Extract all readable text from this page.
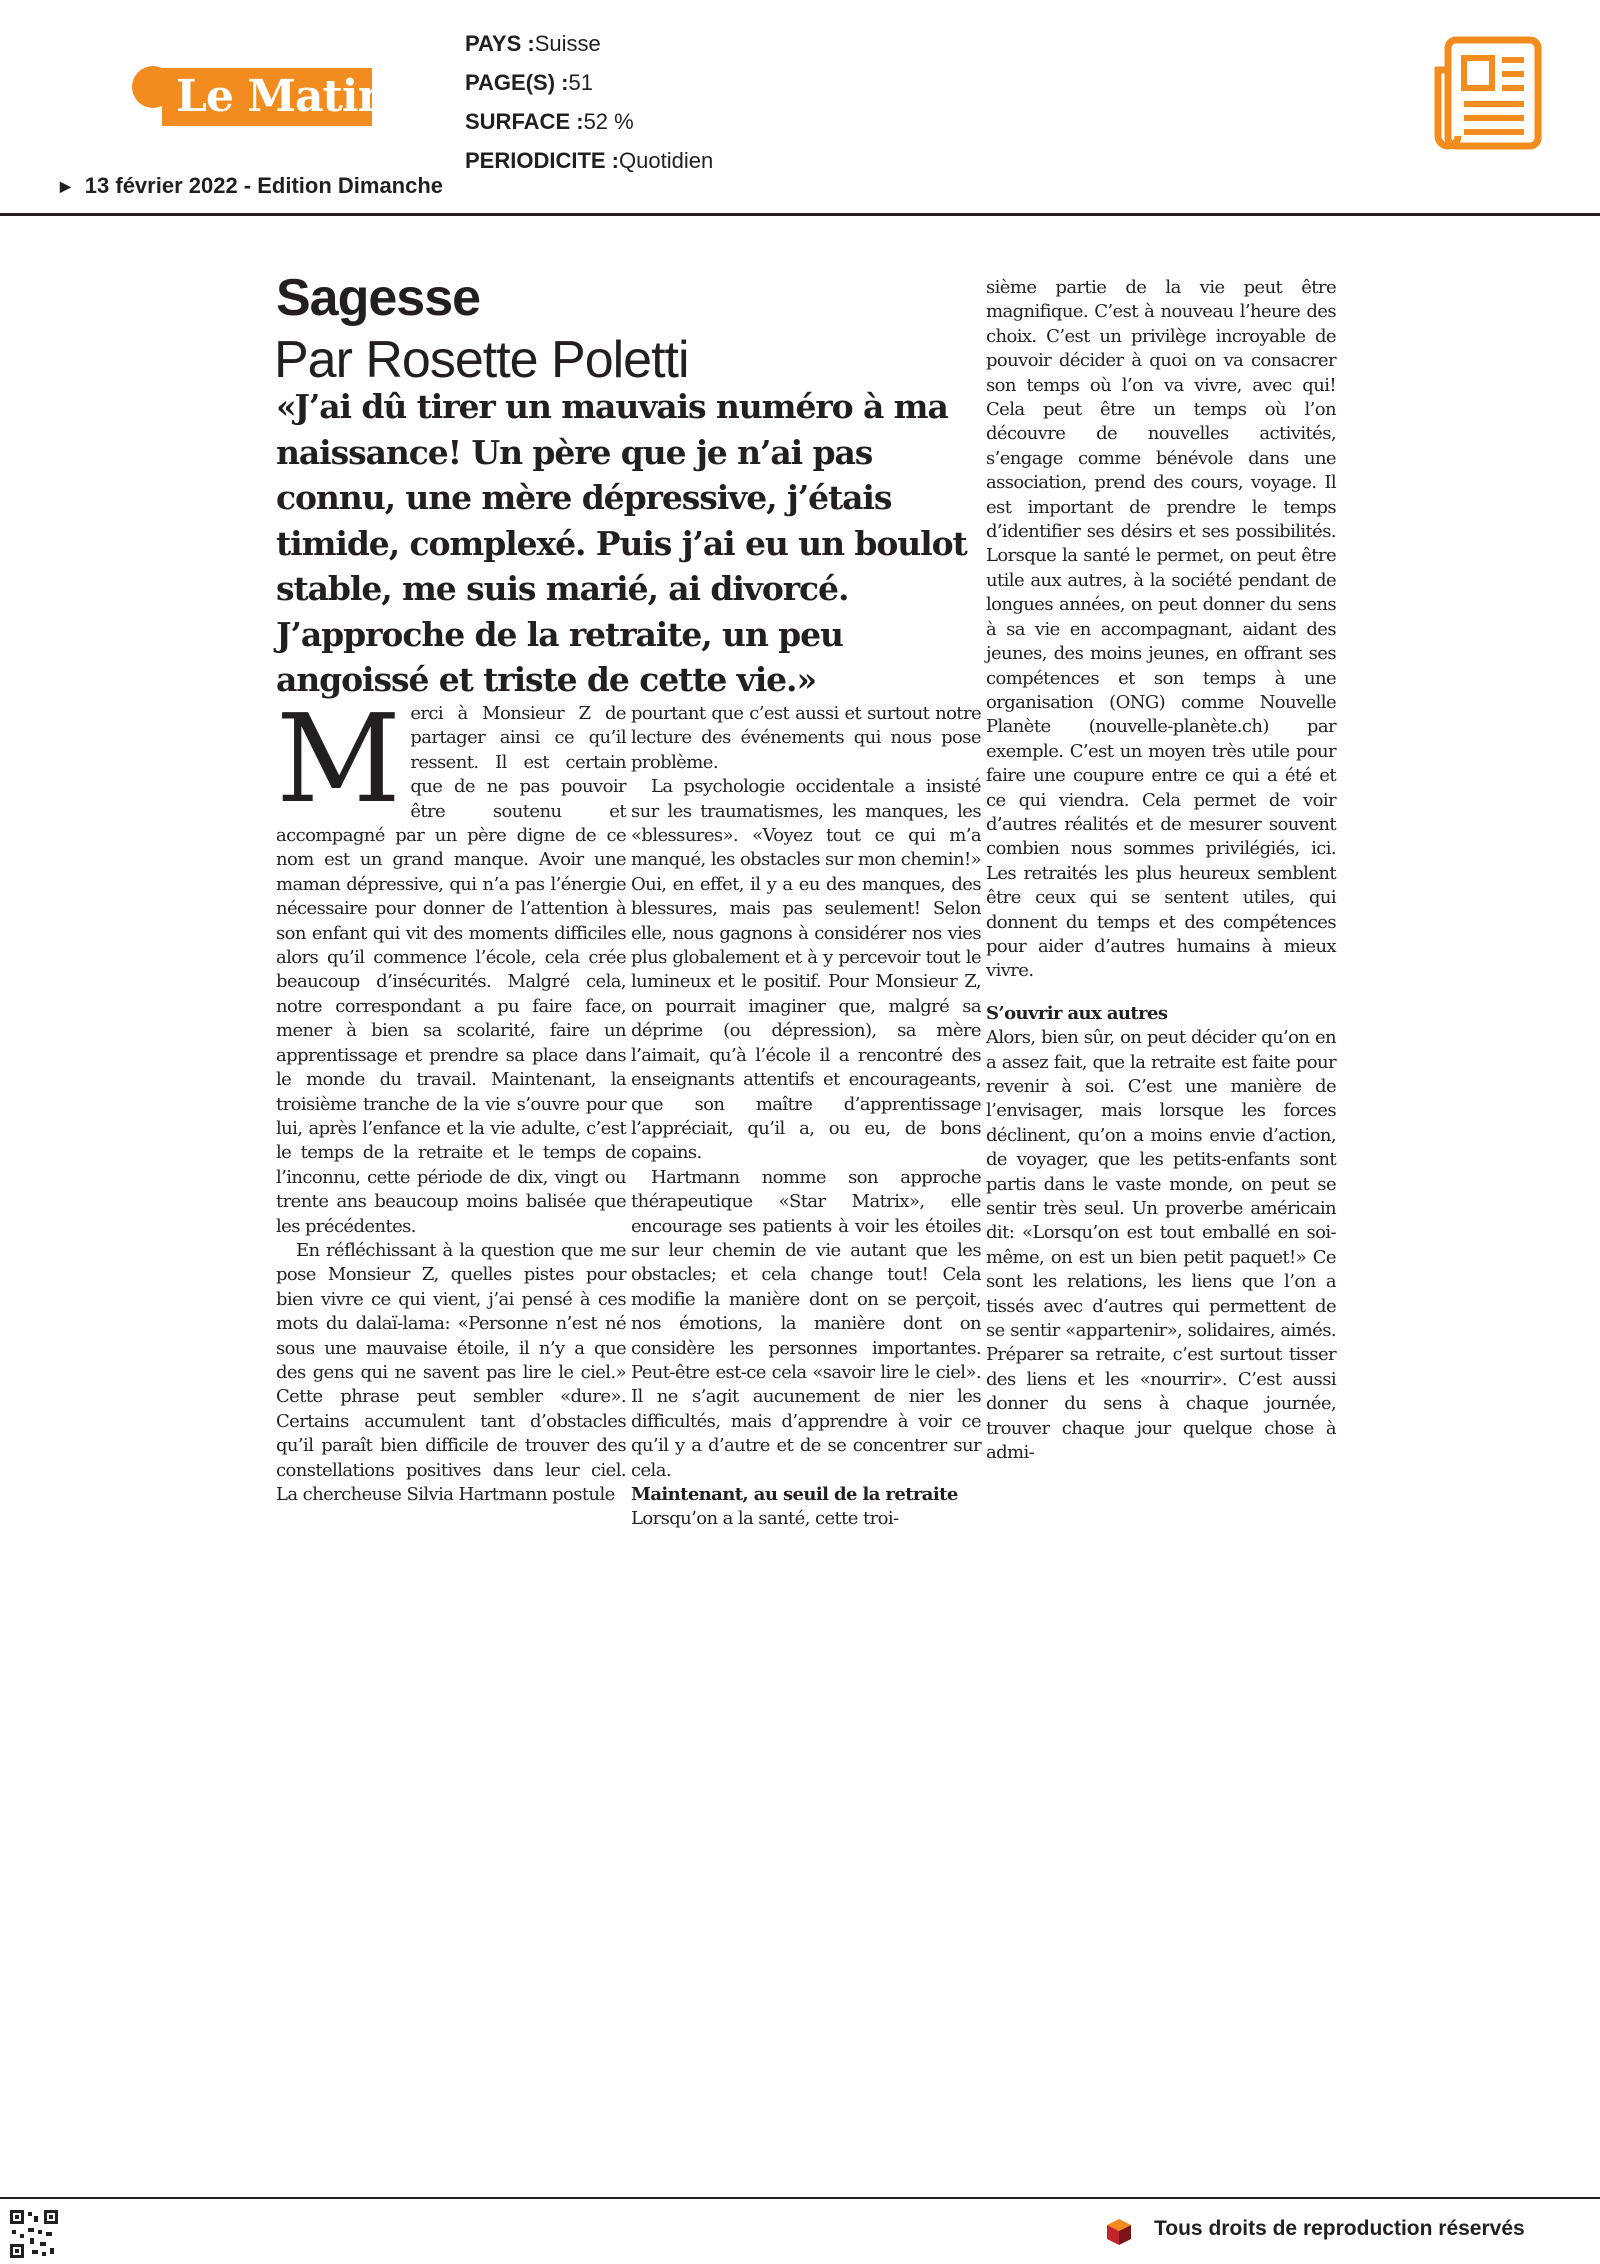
Le Matin
PAYS :Suisse
PAGE(S) :51
SURFACE :52 %
PERIODICITE :Quotidien
▶ 13 février 2022 - Edition Dimanche
Sagesse
Par Rosette Poletti
«J’ai dû tirer un mauvais numéro à ma naissance! Un père que je n’ai pas connu, une mère dépressive, j’étais timide, complexé. Puis j’ai eu un boulot stable, me suis marié, ai divorcé. J’approche de la retraite, un peu angoissé et triste de cette vie.»

Merci à Monsieur Z de partager ainsi ce qu’il ressent. Il est certain que de ne pas pouvoir être soutenu et accompagné par un père digne de ce nom est un grand manque. Avoir une maman dépressive, qui n’a pas l’énergie nécessaire pour donner de l’attention à son enfant qui vit des moments difficiles alors qu’il commence l’école, cela crée beaucoup d’insécurités. Malgré cela, notre correspondant a pu faire face, mener à bien sa scolarité, faire un apprentissage et prendre sa place dans le monde du travail. Maintenant, la troisième tranche de la vie s’ouvre pour lui, après l’enfance et la vie adulte, c’est le temps de la retraite et le temps de l’inconnu, cette période de dix, vingt ou trente ans beaucoup moins balisée que les précédentes.

En réfléchissant à la question que me pose Monsieur Z, quelles pistes pour bien vivre ce qui vient, j’ai pensé à ces mots du dalaï-lama: «Personne n’est né sous une mauvaise étoile, il n’y a que des gens qui ne savent pas lire le ciel.» Cette phrase peut sembler «dure». Certains accumulent tant d’obstacles qu’il paraît bien difficile de trouver des constellations positives dans leur ciel. La chercheuse Silvia Hartmann postule

pourtant que c’est aussi et surtout notre lecture des événements qui nous pose problème.

La psychologie occidentale a insisté sur les traumatismes, les manques, les «blessures». «Voyez tout ce qui m’a manqué, les obstacles sur mon chemin!» Oui, en effet, il y a eu des manques, des blessures, mais pas seulement! Selon elle, nous gagnons à considérer nos vies plus globalement et à y percevoir tout le lumineux et le positif. Pour Monsieur Z, on pourrait imaginer que, malgré sa déprime (ou dépression), sa mère l’aimait, qu’à l’école il a rencontré des enseignants attentifs et encourageants, que son maître d’apprentissage l’appréciait, qu’il a, ou eu, de bons copains.

Hartmann nomme son approche thérapeutique «Star Matrix», elle encourage ses patients à voir les étoiles sur leur chemin de vie autant que les obstacles; et cela change tout! Cela modifie la manière dont on se perçoit, nos émotions, la manière dont on considère les personnes importantes. Peut-être est-ce cela «savoir lire le ciel». Il ne s’agit aucunement de nier les difficultés, mais d’apprendre à voir ce qu’il y a d’autre et de se concentrer sur cela.

Maintenant, au seuil de la retraite

Lorsqu’on a la santé, cette troi-

sième partie de la vie peut être magnifique. C’est à nouveau l’heure des choix. C’est un privilège incroyable de pouvoir décider à quoi on va consacrer son temps où l’on va vivre, avec qui! Cela peut être un temps où l’on découvre de nouvelles activités, s’engage comme bénévole dans une association, prend des cours, voyage. Il est important de prendre le temps d’identifier ses désirs et ses possibilités. Lorsque la santé le permet, on peut être utile aux autres, à la société pendant de longues années, on peut donner du sens à sa vie en accompagnant, aidant des jeunes, des moins jeunes, en offrant ses compétences et son temps à une organisation (ONG) comme Nouvelle Planète (nouvelle-planète.ch) par exemple. C’est un moyen très utile pour faire une coupure entre ce qui a été et ce qui viendra. Cela permet de voir d’autres réalités et de mesurer souvent combien nous sommes privilégiés, ici. Les retraités les plus heureux semblent être ceux qui se sentent utiles, qui donnent du temps et des compétences pour aider d’autres humains à mieux vivre.

S’ouvrir aux autres

Alors, bien sûr, on peut décider qu’on en a assez fait, que la retraite est faite pour revenir à soi. C’est une manière de l’envisager, mais lorsque les forces déclinent, qu’on a moins envie d’action, de voyager, que les petits-enfants sont partis dans le vaste monde, on peut se sentir très seul. Un proverbe américain dit: «Lorsqu’on est tout emballé en soi-même, on est un bien petit paquet!» Ce sont les relations, les liens que l’on a tissés avec d’autres qui permettent de se sentir «appartenir», solidaires, aimés. Préparer sa retraite, c’est surtout tisser des liens et les «nourrir». C’est aussi donner du sens à chaque journée, trouver chaque jour quelque chose à admi-

Tous droits de reproduction réservés
